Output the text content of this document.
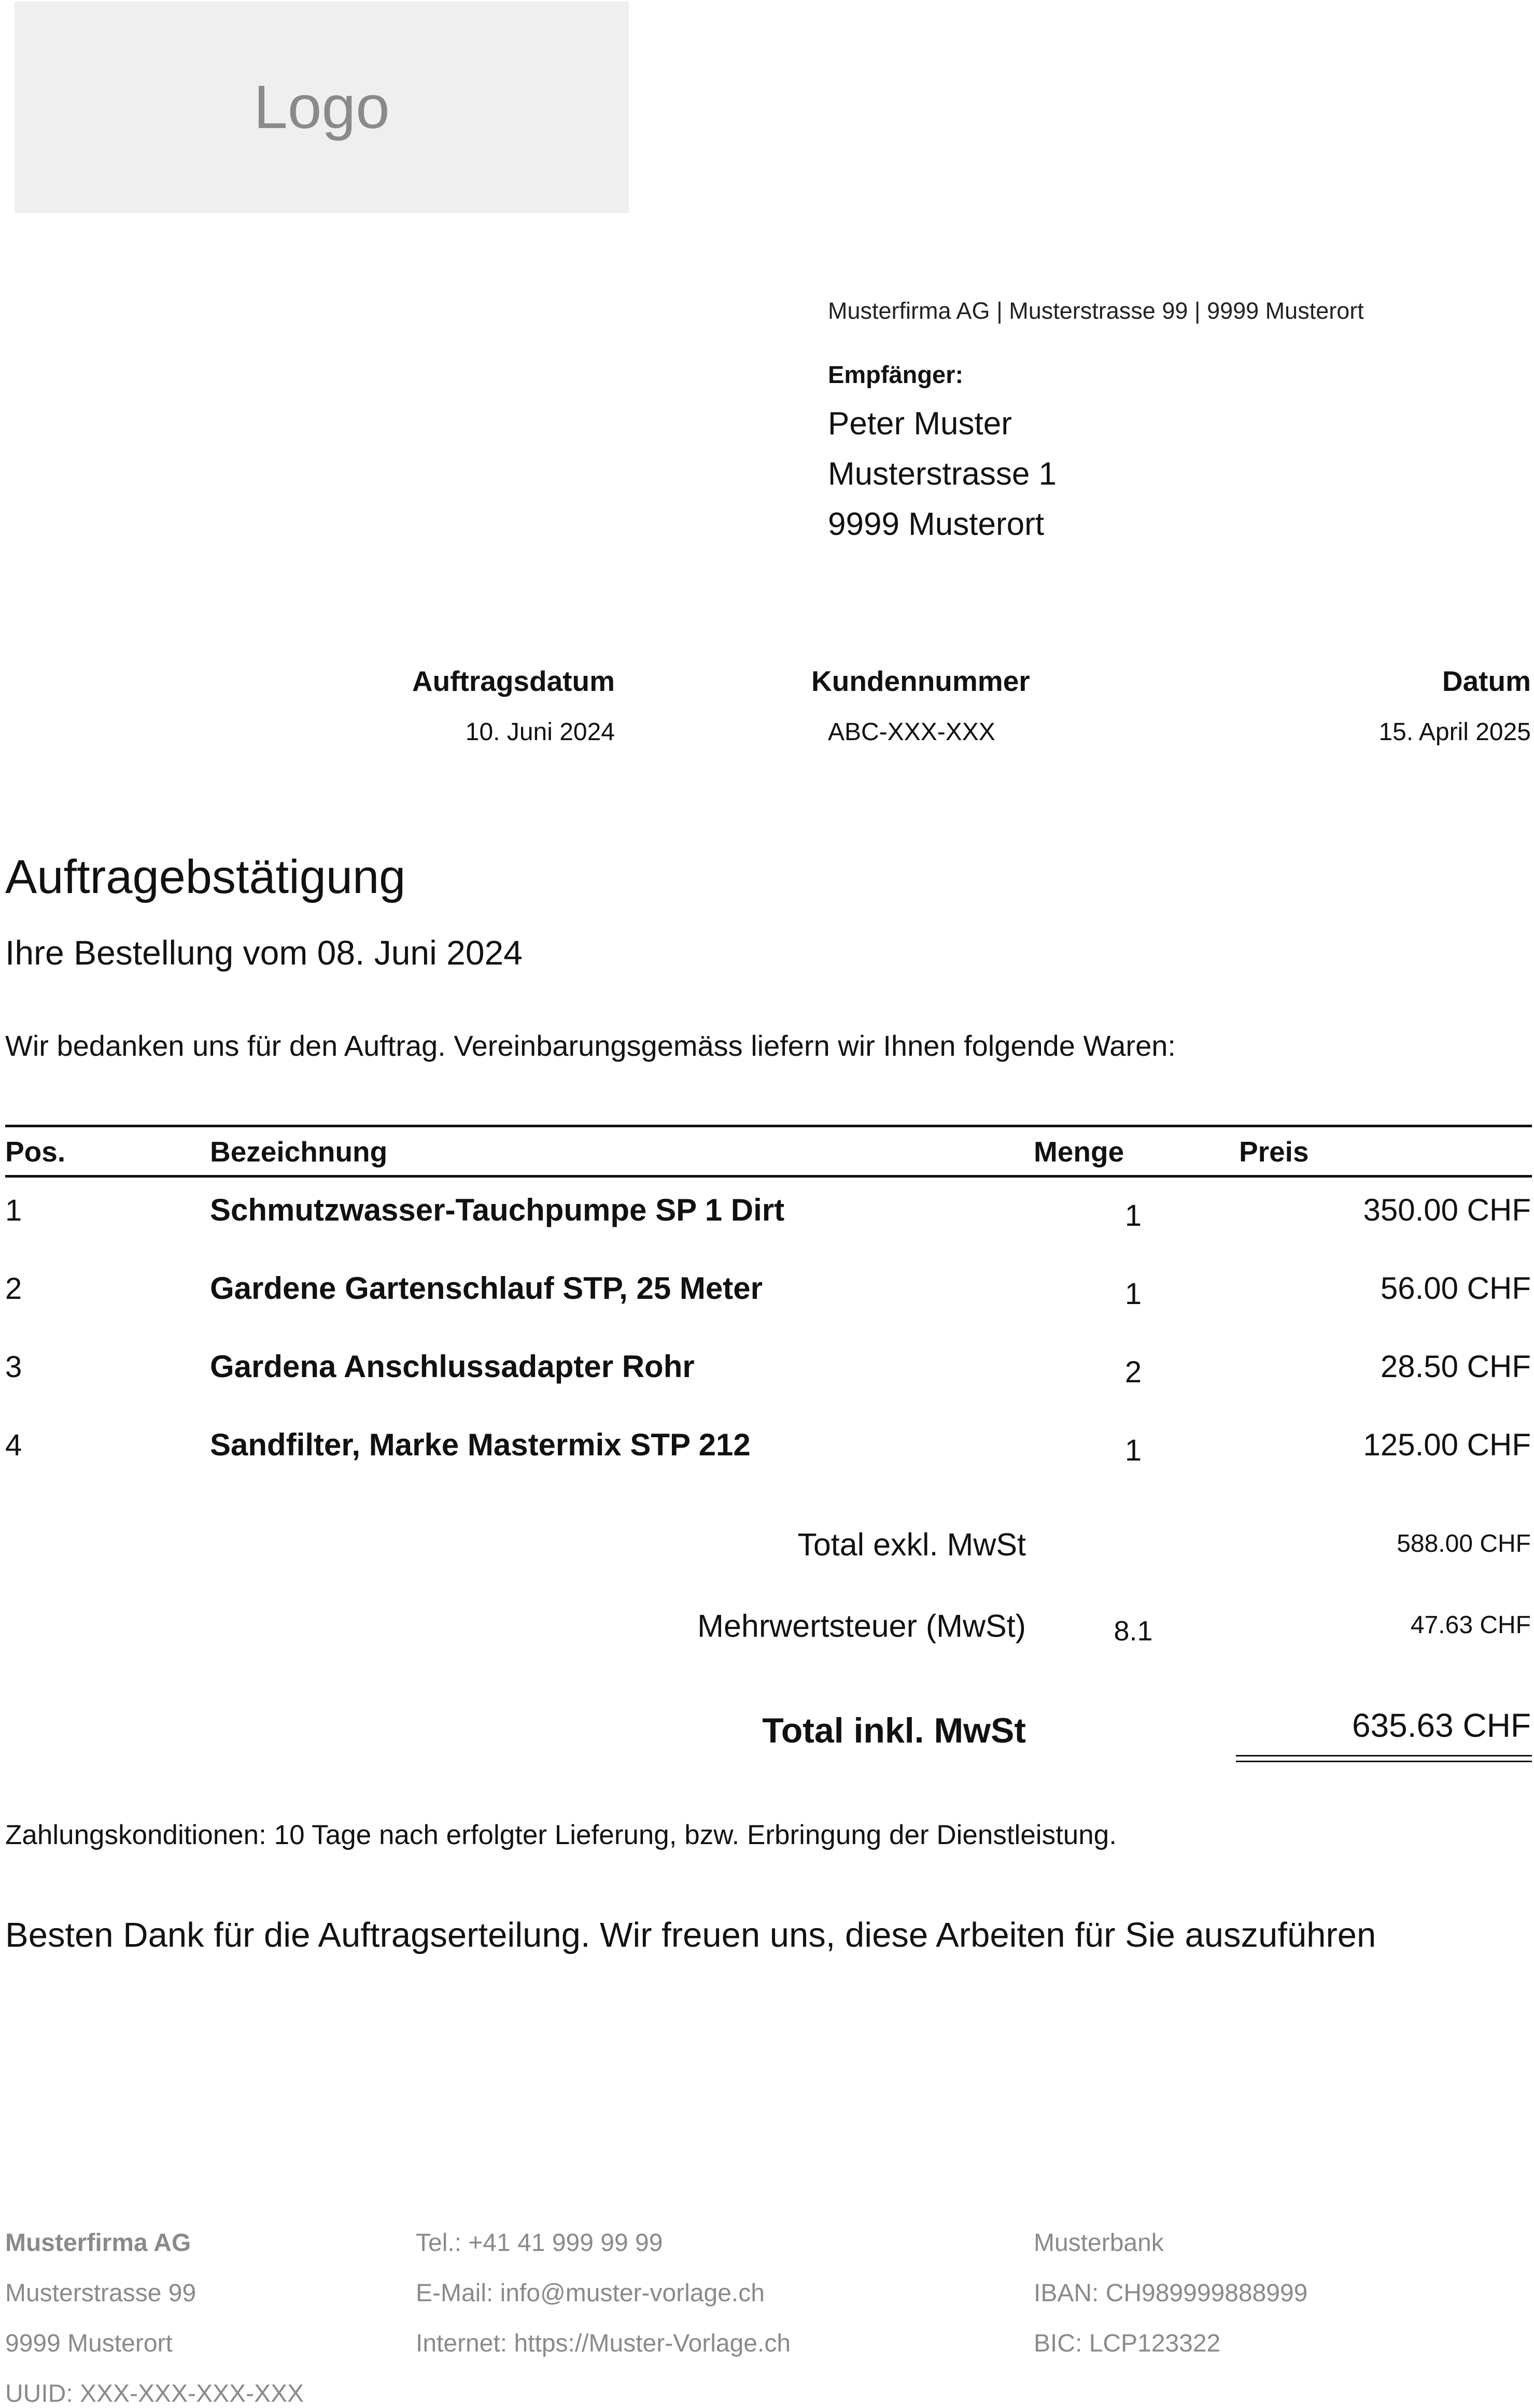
Logo
Musterfirma AG | Musterstrasse 99 | 9999 Musterort
Empfänger:
Peter Muster
Musterstrasse 1
9999 Musterort
Auftragsdatum
10. Juni 2024
Kundennummer
ABC-XXX-XXX
Datum
15. April 2025
Auftragebstätigung
Ihre Bestellung vom 08. Juni 2024
Wir bedanken uns für den Auftrag. Vereinbarungsgemäss liefern wir Ihnen folgende Waren:
Pos.	Bezeichnung	Menge	Preis
1	Schmutzwasser-Tauchpumpe SP 1 Dirt	1	350.00 CHF
2	Gardene Gartenschlauf STP, 25 Meter	1	56.00 CHF
3	Gardena Anschlussadapter Rohr	2	28.50 CHF
4	Sandfilter, Marke Mastermix STP 212	1	125.00 CHF
Total exkl. MwSt	588.00 CHF
Mehrwertsteuer (MwSt)	8.1	47.63 CHF
Total inkl. MwSt	635.63 CHF
Zahlungskonditionen: 10 Tage nach erfolgter Lieferung, bzw. Erbringung der Dienstleistung.
Besten Dank für die Auftragserteilung. Wir freuen uns, diese Arbeiten für Sie auszuführen
Musterfirma AG
Musterstrasse 99
9999 Musterort
UUID: XXX-XXX-XXX-XXX
Tel.: +41 41 999 99 99
E-Mail: info@muster-vorlage.ch
Internet: https://Muster-Vorlage.ch
Musterbank
IBAN: CH989999888999
BIC: LCP123322
